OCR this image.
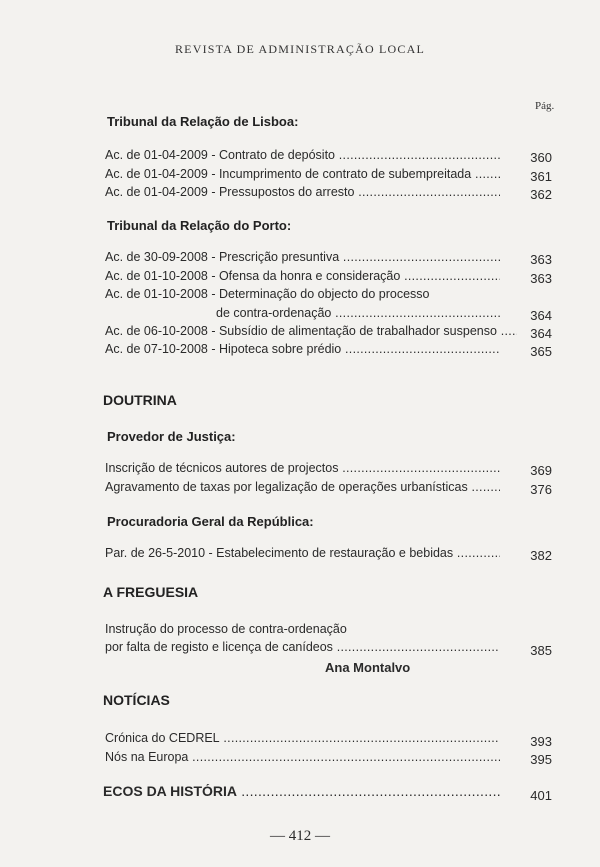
REVISTA DE ADMINISTRAÇÃO LOCAL
Pág.
Tribunal da Relação de Lisboa:
Ac. de 01-04-2009 - Contrato de depósito .....	360
Ac. de 01-04-2009 - Incumprimento de contrato de subempreitada .....	361
Ac. de 01-04-2009 - Pressupostos do arresto .....	362
Tribunal da Relação do Porto:
Ac. de 30-09-2008 - Prescrição presuntiva .....	363
Ac. de 01-10-2008 - Ofensa da honra e consideração .....	363
Ac. de 01-10-2008 - Determinação do objecto do processo
de contra-ordenação .....	364
Ac. de 06-10-2008 - Subsídio de alimentação de trabalhador suspenso .....	364
Ac. de 07-10-2008 - Hipoteca sobre prédio .....	365
DOUTRINA
Provedor de Justiça:
Inscrição de técnicos autores de projectos .....	369
Agravamento de taxas por legalização de operações urbanísticas .....	376
Procuradoria Geral da República:
Par. de 26-5-2010 - Estabelecimento de restauração e bebidas .....	382
A FREGUESIA
Instrução do processo de contra-ordenação
por falta de registo e licença de canídeos .....	385
Ana Montalvo
NOTÍCIAS
Crónica do CEDREL .....	393
Nós na Europa .....	395
ECOS DA HISTÓRIA .....	401
— 412 —
